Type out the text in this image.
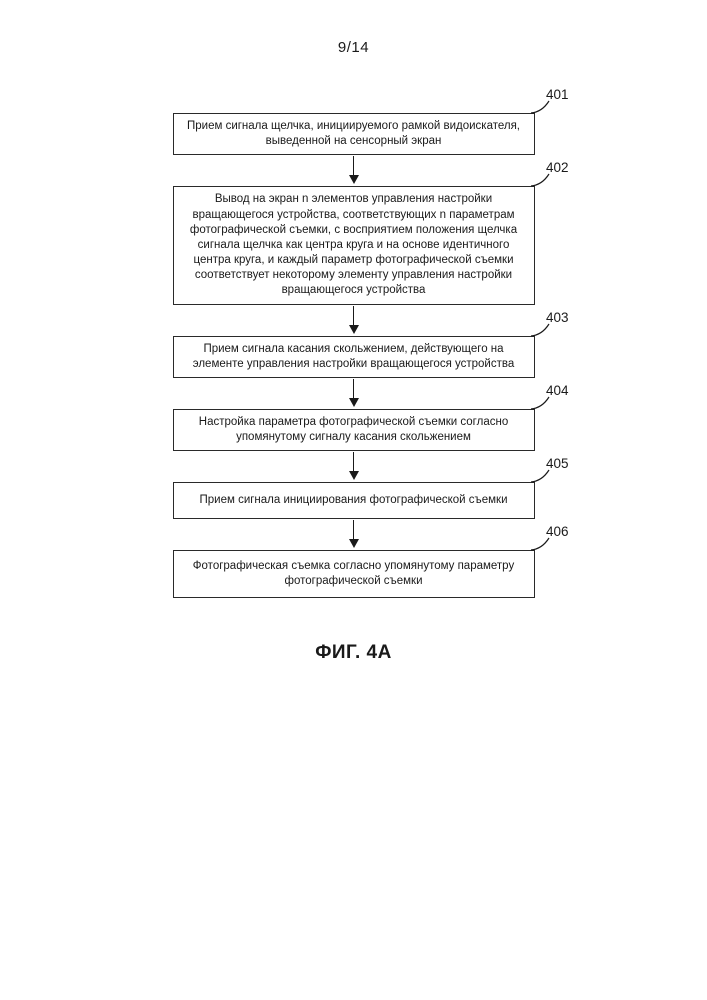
9/14
401
Прием сигнала щелчка, инициируемого рамкой видоискателя, выведенной на сенсорный экран
402
Вывод на экран n элементов управления настройки вращающегося устройства, соответствующих n параметрам фотографической съемки, с восприятием положения щелчка сигнала щелчка как центра круга и на основе идентичного центра круга, и каждый параметр фотографической съемки соответствует некоторому элементу управления настройки вращающегося устройства
403
Прием сигнала касания скольжением, действующего на элементе управления настройки вращающегося устройства
404
Настройка параметра фотографической съемки согласно упомянутому сигналу касания скольжением
405
Прием сигнала инициирования фотографической съемки
406
Фотографическая съемка согласно упомянутому параметру фотографической съемки
ФИГ. 4А
